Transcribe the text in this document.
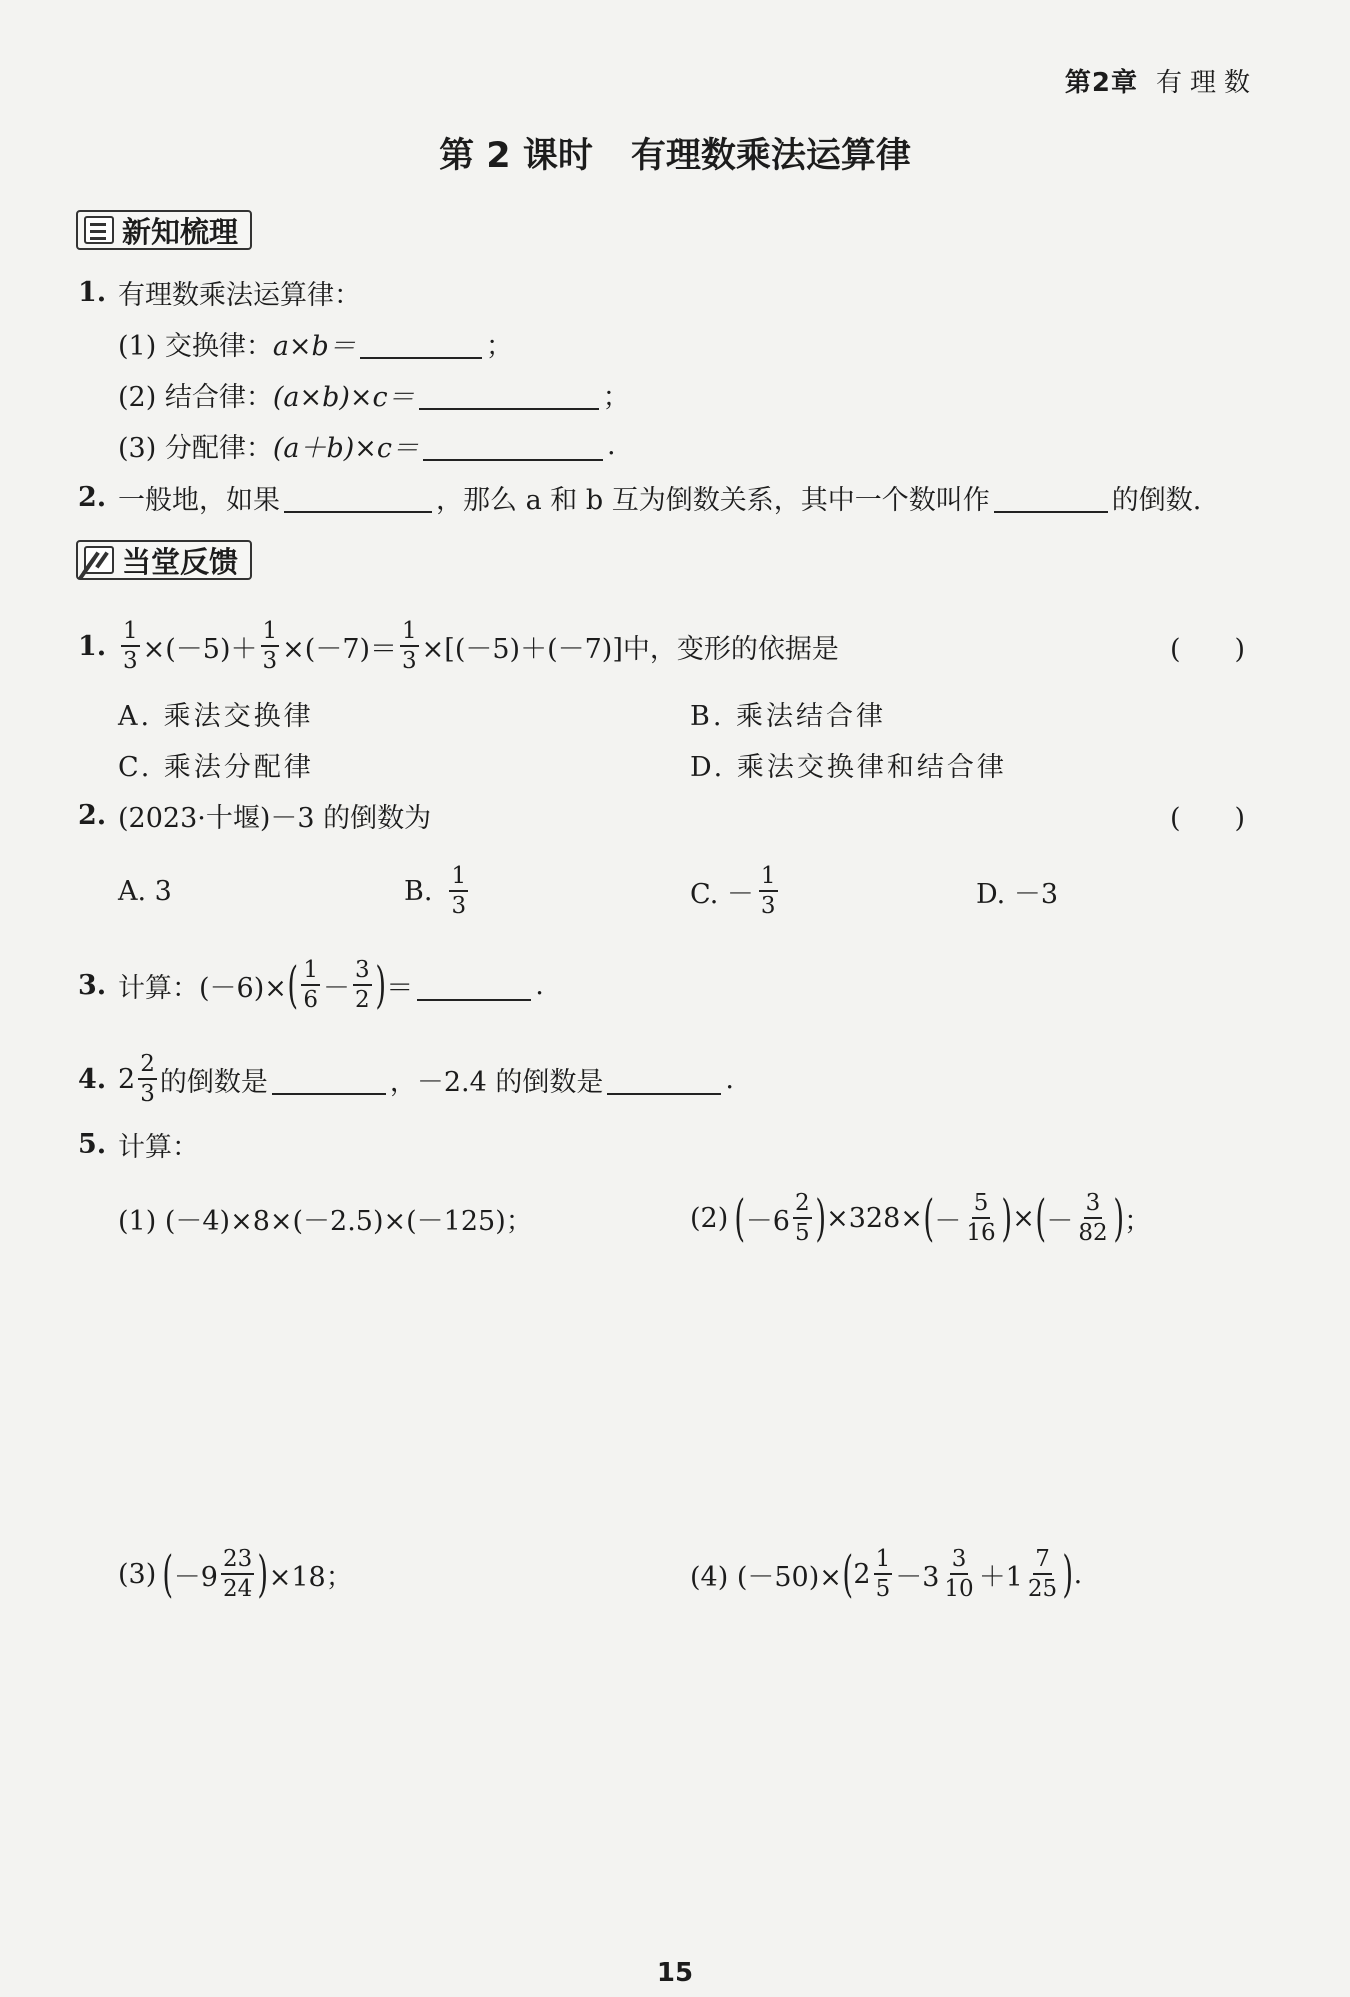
第2章 有理数
第 2 课时 有理数乘法运算律
新知梳理
1. 有理数乘法运算律：
(1) 交换律： a×b＝	；
(2) 结合律： (a×b)×c＝	；
(3) 分配律： (a＋b)×c＝	.
2. 一般地，如果	，那么 a 和 b 互为倒数关系，其中一个数叫作	的倒数.
当堂反馈
1. $\frac{1}{3} \times(-5)+ \frac{1}{3} \times(-7)= \frac{1}{3} \times[(-5)+(-7)]$中，变形的依据是	(　　)
A. 乘法交换律	B. 乘法结合律
C. 乘法分配律	D. 乘法交换律和结合律
2. (2023·十堰)－3 的倒数为	(　　)
A. 3	B. $\frac{1}{3}$	C. － $\frac{1}{3}$	D. －3
3. 计算：(－6)× ( $\frac{1}{6} - \frac{3}{2}$ ) ＝	.
4. $2 \frac{2}{3}$ 的倒数是	，－2.4 的倒数是	.
5. 计算：
(1) (－4)×8×(－2.5)×(－125)；	(2) ( $-6 \frac{2}{5}$ ) ×328× ( － $\frac{5}{16}$ ) × ( － $\frac{3}{82}$ ) ；
(3) ( $-9 \frac{23}{24}$ ) ×18；	(4) (－50)× ( $2 \frac{1}{5} -3 \frac{3}{10} +1 \frac{7}{25}$ ) .
15
